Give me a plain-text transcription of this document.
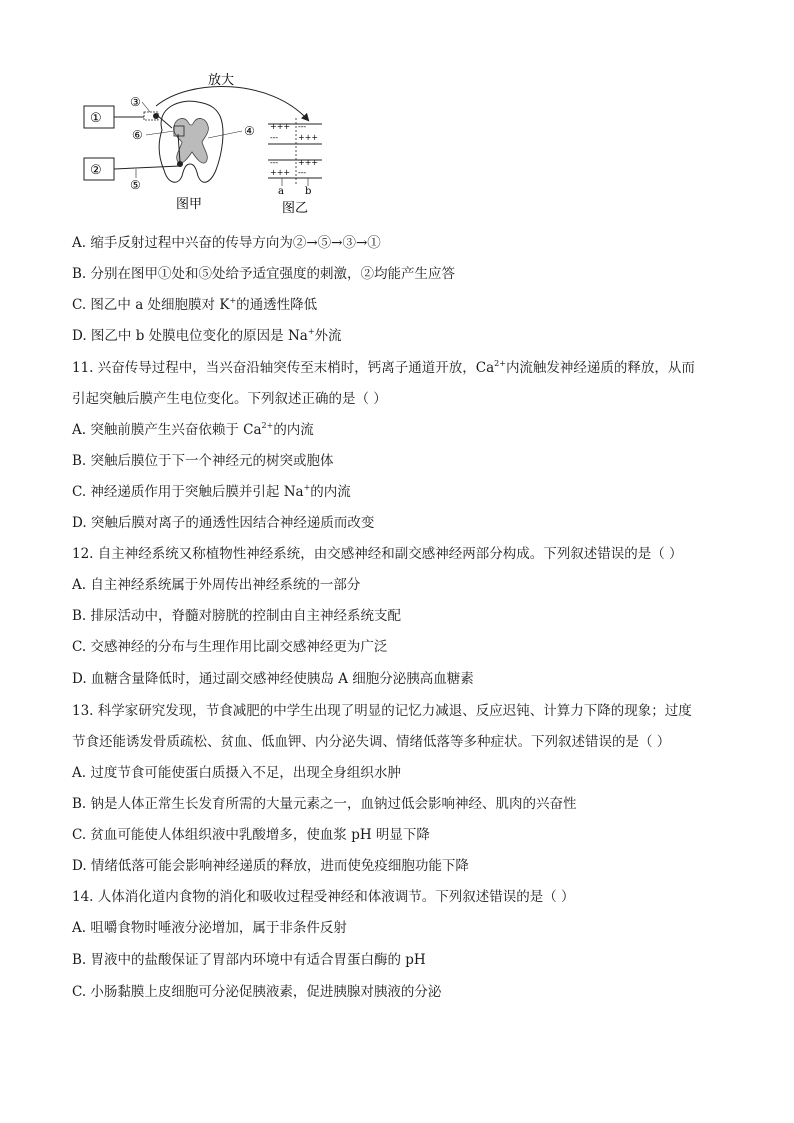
放大
①
②
③
⑥	④
⑤
图甲
+++ ---
--- +++
--- +++
+++ ---
a b
图乙
A. 缩手反射过程中兴奋的传导方向为②→⑤→③→①
B. 分别在图甲①处和⑤处给予适宜强度的刺激，②均能产生应答
C. 图乙中 a 处细胞膜对 K+的通透性降低
D. 图乙中 b 处膜电位变化的原因是 Na+外流
11. 兴奋传导过程中，当兴奋沿轴突传至末梢时，钙离子通道开放，$Ca^{2+}$内流触发神经递质的释放，从而
引起突触后膜产生电位变化。下列叙述正确的是（ ）
A. 突触前膜产生兴奋依赖于 $Ca^{2+}$的内流
B. 突触后膜位于下一个神经元的树突或胞体
C. 神经递质作用于突触后膜并引起 Na+的内流
D. 突触后膜对离子的通透性因结合神经递质而改变
12. 自主神经系统又称植物性神经系统，由交感神经和副交感神经两部分构成。下列叙述错误的是（ ）
A. 自主神经系统属于外周传出神经系统的一部分
B. 排尿活动中，脊髓对膀胱的控制由自主神经系统支配
C. 交感神经的分布与生理作用比副交感神经更为广泛
D. 血糖含量降低时，通过副交感神经使胰岛 A 细胞分泌胰高血糖素
13. 科学家研究发现，节食减肥的中学生出现了明显的记忆力减退、反应迟钝、计算力下降的现象；过度
节食还能诱发骨质疏松、贫血、低血钾、内分泌失调、情绪低落等多种症状。下列叙述错误的是（ ）
A. 过度节食可能使蛋白质摄入不足，出现全身组织水肿
B. 钠是人体正常生长发育所需的大量元素之一，血钠过低会影响神经、肌肉的兴奋性
C. 贫血可能使人体组织液中乳酸增多，使血浆 pH 明显下降
D. 情绪低落可能会影响神经递质的释放，进而使免疫细胞功能下降
14. 人体消化道内食物的消化和吸收过程受神经和体液调节。下列叙述错误的是（ ）
A. 咀嚼食物时唾液分泌增加，属于非条件反射
B. 胃液中的盐酸保证了胃部内环境中有适合胃蛋白酶的 pH
C. 小肠黏膜上皮细胞可分泌促胰液素，促进胰腺对胰液的分泌
